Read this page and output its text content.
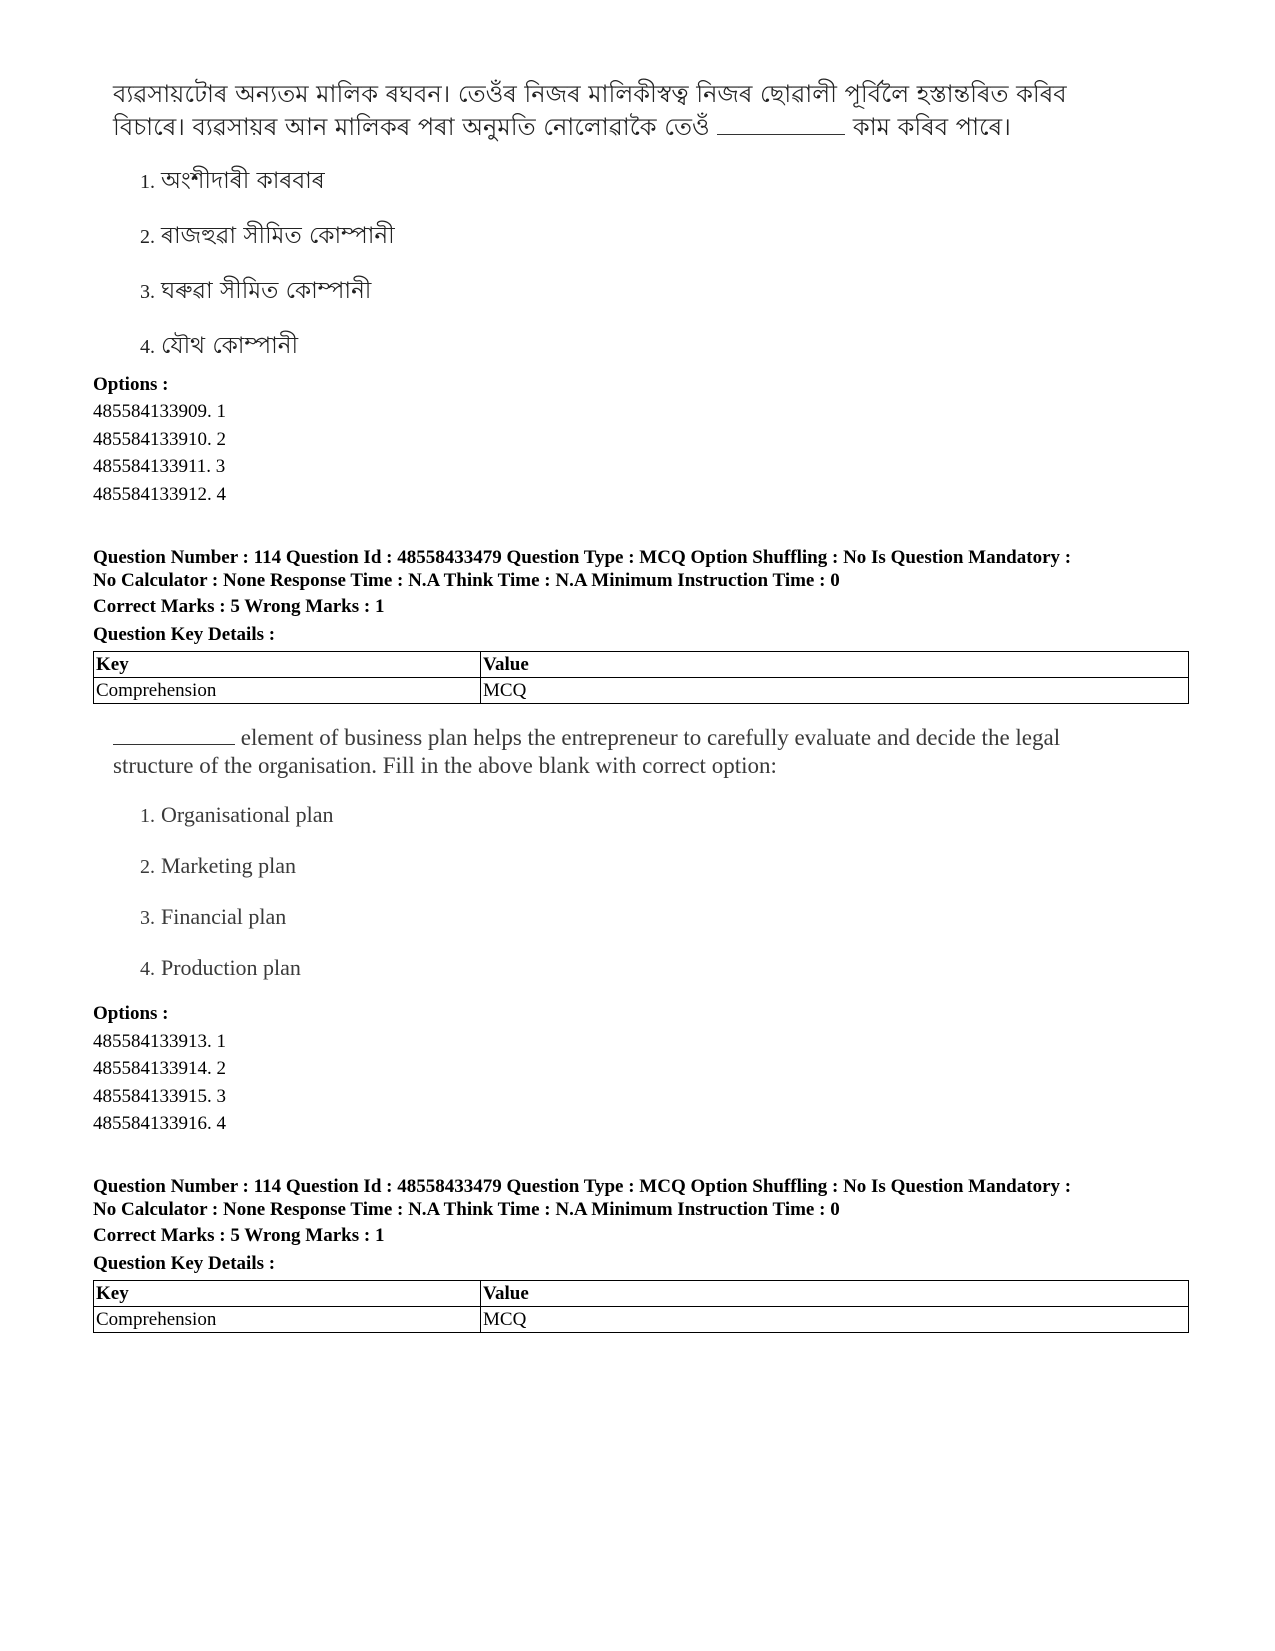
ব্যৱসায়টোৰ অন্যতম মালিক ৰঘবন। তেওঁৰ নিজৰ মালিকীস্বত্ব নিজৰ ছোৱালী পূৰ্বিলৈ হস্তান্তৰিত কৰিব
বিচাৰে। ব্যৱসায়ৰ আন মালিকৰ পৰা অনুমতি নোলোৱাকৈ তেওঁ	কাম কৰিব পাৰে।
1. অংশীদাৰী কাৰবাৰ
2. ৰাজহুৱা সীমিত কোম্পানী
3. ঘৰুৱা সীমিত কোম্পানী
4. যৌথ কোম্পানী
Options :
485584133909. 1
485584133910. 2
485584133911. 3
485584133912. 4
Question Number : 114 Question Id : 48558433479 Question Type : MCQ Option Shuffling : No Is Question Mandatory :
No Calculator : None Response Time : N.A Think Time : N.A Minimum Instruction Time : 0
Correct Marks : 5 Wrong Marks : 1
Question Key Details :
Key	Value
Comprehension	MCQ
element of business plan helps the entrepreneur to carefully evaluate and decide the legal
structure of the organisation. Fill in the above blank with correct option:
1. Organisational plan
2. Marketing plan
3. Financial plan
4. Production plan
Options :
485584133913. 1
485584133914. 2
485584133915. 3
485584133916. 4
Question Number : 114 Question Id : 48558433479 Question Type : MCQ Option Shuffling : No Is Question Mandatory :
No Calculator : None Response Time : N.A Think Time : N.A Minimum Instruction Time : 0
Correct Marks : 5 Wrong Marks : 1
Question Key Details :
Key	Value
Comprehension	MCQ
